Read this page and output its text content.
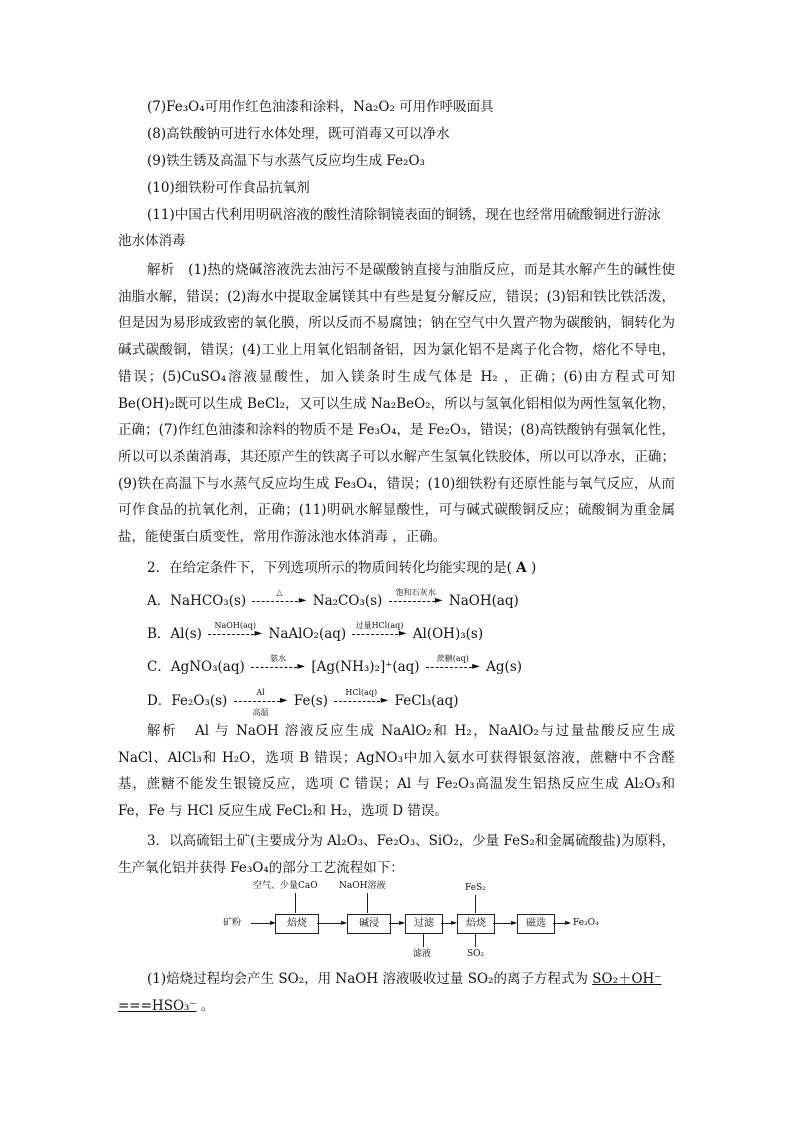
(7)Fe₃O₄可用作红色油漆和涂料，Na₂O₂ 可用作呼吸面具
(8)高铁酸钠可进行水体处理，既可消毒又可以净水
(9)铁生锈及高温下与水蒸气反应均生成 Fe₂O₃
(10)细铁粉可作食品抗氧剂
(11)中国古代利用明矾溶液的酸性清除铜镜表面的铜锈，现在也经常用硫酸铜进行游泳
池水体消毒
解析 (1)热的烧碱溶液洗去油污不是碳酸钠直接与油脂反应，而是其水解产生的碱性使油脂水解，错误；(2)海水中提取金属镁其中有些是复分解反应，错误；(3)铝和铁比铁活泼，但是因为易形成致密的氧化膜，所以反而不易腐蚀；钠在空气中久置产物为碳酸钠，铜转化为碱式碳酸铜，错误；(4)工业上用氧化铝制备铝，因为氯化铝不是离子化合物，熔化不导电，错误；(5)CuSO₄溶液显酸性，加入镁条时生成气体是 H₂ ，正确；(6)由方程式可知 Be(OH)₂既可以生成 BeCl₂，又可以生成 Na₂BeO₂，所以与氢氧化铝相似为两性氢氧化物，正确；(7)作红色油漆和涂料的物质不是 Fe₃O₄，是 Fe₂O₃，错误；(8)高铁酸钠有强氧化性，所以可以杀菌消毒，其还原产生的铁离子可以水解产生氢氧化铁胶体，所以可以净水，正确；(9)铁在高温下与水蒸气反应均生成 Fe₃O₄，错误；(10)细铁粉有还原性能与氧气反应，从而可作食品的抗氧化剂，正确；(11)明矾水解显酸性，可与碱式碳酸铜反应；硫酸铜为重金属盐，能使蛋白质变性，常用作游泳池水体消毒 ，正确。
2．在给定条件下，下列选项所示的物质间转化均能实现的是( A )
A．NaHCO₃(s)
△
► Na₂CO₃(s)
饱和石灰水
► NaOH(aq)
B．Al(s)
NaOH(aq)
► NaAlO₂(aq)
过量HCl(aq)
► Al(OH)₃(s)
C．AgNO₃(aq)
氨水
► [Ag(NH₃)₂]⁺(aq)
蔗糖(aq)
► Ag(s)
D．Fe₂O₃(s)
Al
►
高温
Fe(s)
HCl(aq)
► FeCl₃(aq)
解析 Al 与 NaOH 溶液反应生成 NaAlO₂和 H₂，NaAlO₂与过量盐酸反应生成 NaCl、AlCl₃和 H₂O，选项 B 错误；AgNO₃中加入氨水可获得银氨溶液，蔗糖中不含醛基，蔗糖不能发生银镜反应，选项 C 错误；Al 与 Fe₂O₃高温发生铝热反应生成 Al₂O₃和 Fe，Fe 与 HCl 反应生成 FeCl₂和 H₂，选项 D 错误。
3．以高硫铝土矿(主要成分为 Al₂O₃、Fe₂O₃、SiO₂，少量 FeS₂和金属硫酸盐)为原料，生产氧化铝并获得 Fe₃O₄的部分工艺流程如下：
矿粉	►	焙烧
空气、少量CaO
►	碱浸
NaOH溶液
► 过滤
滤液
► 焙烧
FeS₂
SO₂
► 磁选	► Fe₃O₄
(1)焙烧过程均会产生 SO₂，用 NaOH 溶液吸收过量 SO₂的离子方程式为 SO₂＋OH⁻
===HSO₃⁻ 。
